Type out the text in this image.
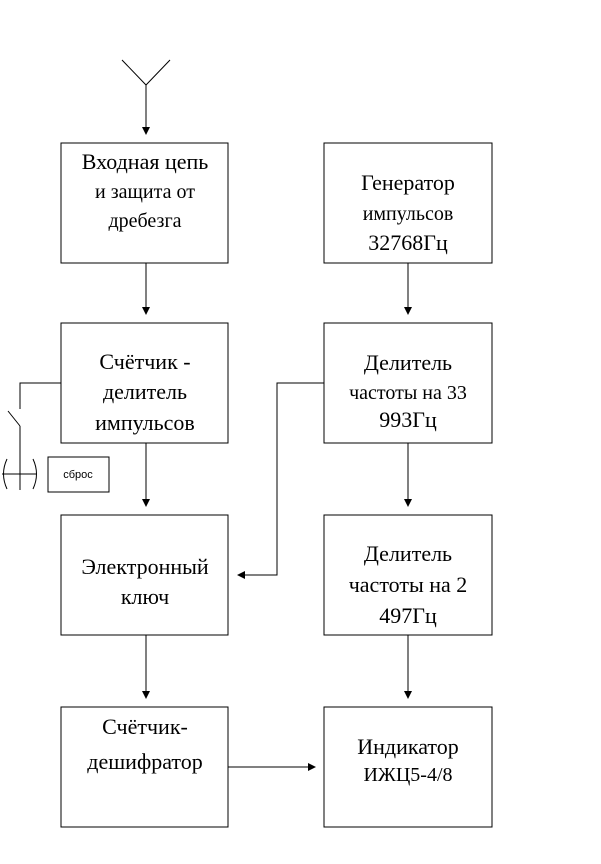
Входная цепь
и защита от
дребезга
Генератор
импульсов
32768Гц
Счётчик -
делитель
импульсов
Делитель
частоты на 33
993Гц
сброс
Электронный
ключ
Делитель
частоты на 2
497Гц
Счётчик-
дешифратор
Индикатор
ИЖЦ5-4/8
